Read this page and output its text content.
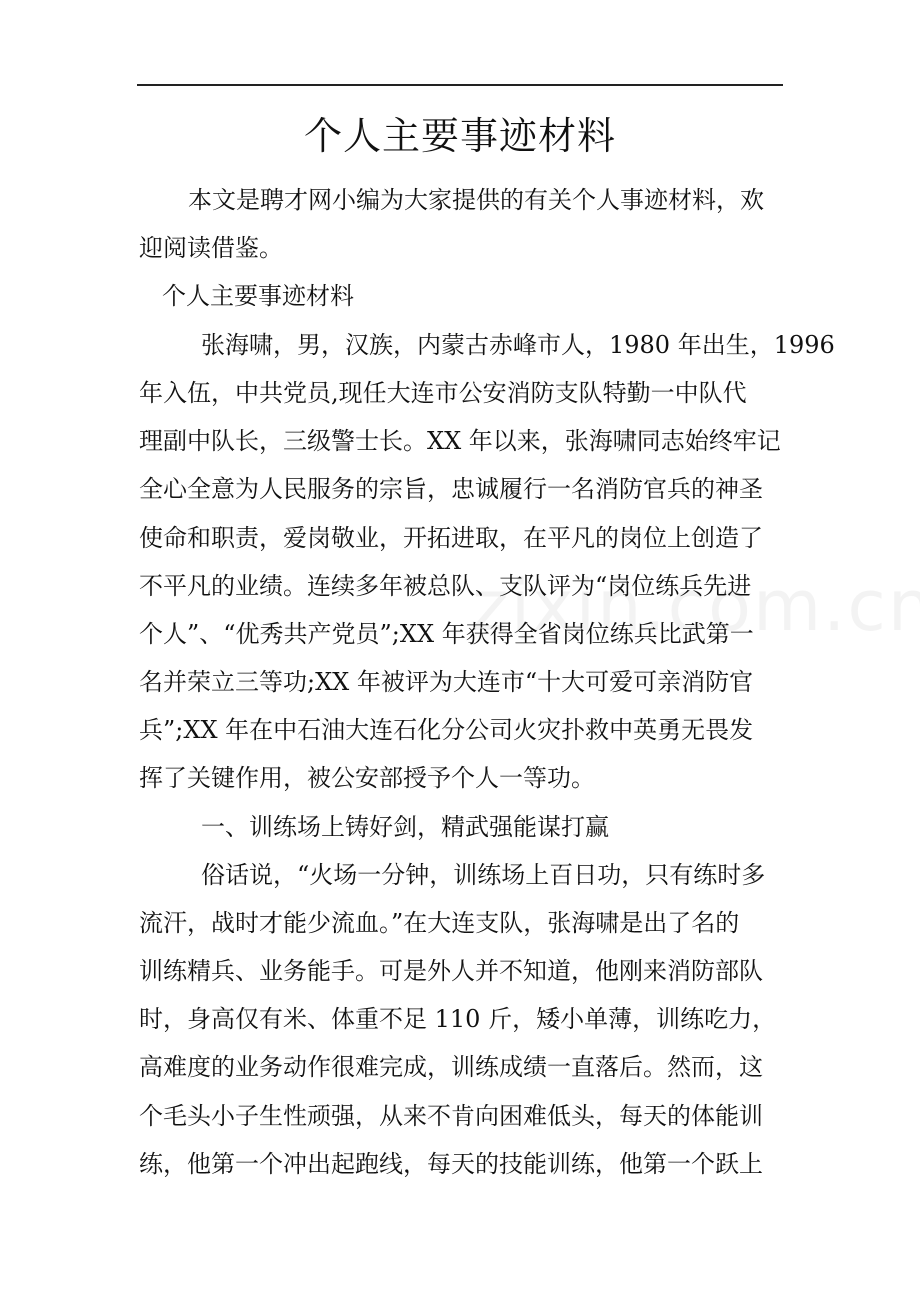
个人主要事迹材料
本文是聘才网小编为大家提供的有关个人事迹材料，欢
迎阅读借鉴。
个人主要事迹材料
张海啸，男，汉族，内蒙古赤峰市人，1980 年出生，1996
年入伍，中共党员,现任大连市公安消防支队特勤一中队代
理副中队长，三级警士长。XX 年以来，张海啸同志始终牢记
全心全意为人民服务的宗旨，忠诚履行一名消防官兵的神圣
使命和职责，爱岗敬业，开拓进取，在平凡的岗位上创造了
不平凡的业绩。连续多年被总队、支队评为“岗位练兵先进
个人”、“优秀共产党员”;XX 年获得全省岗位练兵比武第一
名并荣立三等功;XX 年被评为大连市“十大可爱可亲消防官
兵”;XX 年在中石油大连石化分公司火灾扑救中英勇无畏发
挥了关键作用，被公安部授予个人一等功。
一、训练场上铸好剑，精武强能谋打赢
俗话说，“火场一分钟，训练场上百日功，只有练时多
流汗，战时才能少流血。”在大连支队，张海啸是出了名的
训练精兵、业务能手。可是外人并不知道，他刚来消防部队
时，身高仅有米、体重不足 110 斤，矮小单薄，训练吃力，
高难度的业务动作很难完成，训练成绩一直落后。然而，这
个毛头小子生性顽强，从来不肯向困难低头，每天的体能训
练，他第一个冲出起跑线，每天的技能训练，他第一个跃上
